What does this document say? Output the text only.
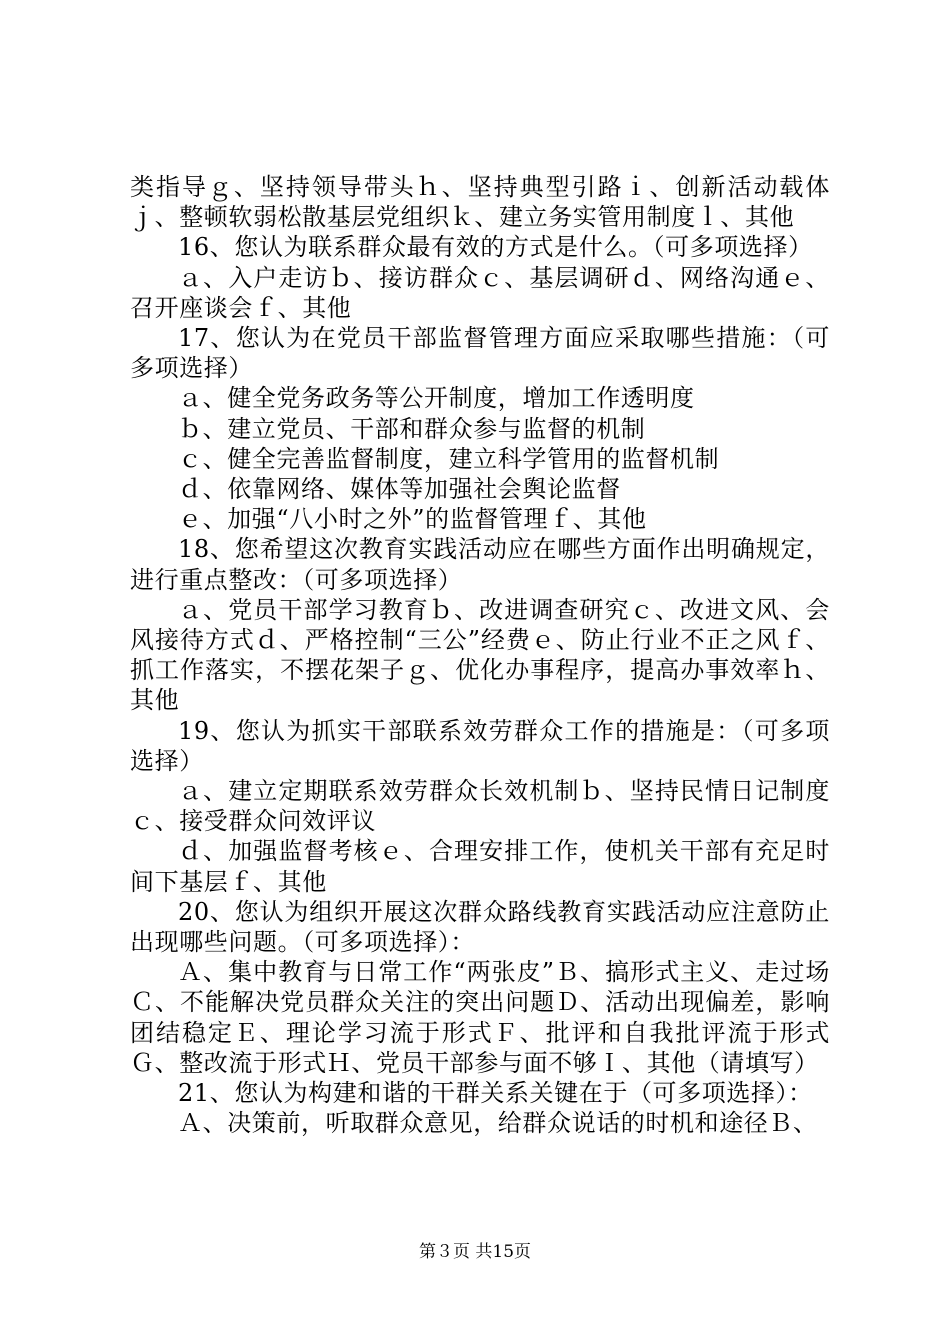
类指导ｇ、坚持领导带头ｈ、坚持典型引路ｉ、创新活动载体ｊ、整顿软弱松散基层党组织ｋ、建立务实管用制度ｌ、其他

16、您认为联系群众最有效的方式是什么。（可多项选择）

ａ、入户走访ｂ、接访群众ｃ、基层调研ｄ、网络沟通ｅ、召开座谈会ｆ、其他

17、您认为在党员干部监督管理方面应采取哪些措施：（可多项选择）

ａ、健全党务政务等公开制度，增加工作透明度

ｂ、建立党员、干部和群众参与监督的机制

ｃ、健全完善监督制度，建立科学管用的监督机制

ｄ、依靠网络、媒体等加强社会舆论监督

ｅ、加强“八小时之外”的监督管理ｆ、其他

18、您希望这次教育实践活动应在哪些方面作出明确规定，进行重点整改：（可多项选择）

ａ、党员干部学习教育ｂ、改进调查研究ｃ、改进文风、会风接待方式ｄ、严格控制“三公”经费ｅ、防止行业不正之风ｆ、抓工作落实，不摆花架子ｇ、优化办事程序，提高办事效率ｈ、其他

19、您认为抓实干部联系效劳群众工作的措施是：（可多项选择）

ａ、建立定期联系效劳群众长效机制ｂ、坚持民情日记制度ｃ、接受群众问效评议

ｄ、加强监督考核ｅ、合理安排工作，使机关干部有充足时间下基层ｆ、其他

20、您认为组织开展这次群众路线教育实践活动应注意防止出现哪些问题。（可多项选择）：

Ａ、集中教育与日常工作“两张皮”Ｂ、搞形式主义、走过场Ｃ、不能解决党员群众关注的突出问题Ｄ、活动出现偏差，影响团结稳定Ｅ、理论学习流于形式Ｆ、批评和自我批评流于形式Ｇ、整改流于形式Ｈ、党员干部参与面不够Ｉ、其他（请填写）

21、您认为构建和谐的干群关系关键在于（可多项选择）：

Ａ、决策前，听取群众意见，给群众说话的时机和途径Ｂ、

第３页 共15页
